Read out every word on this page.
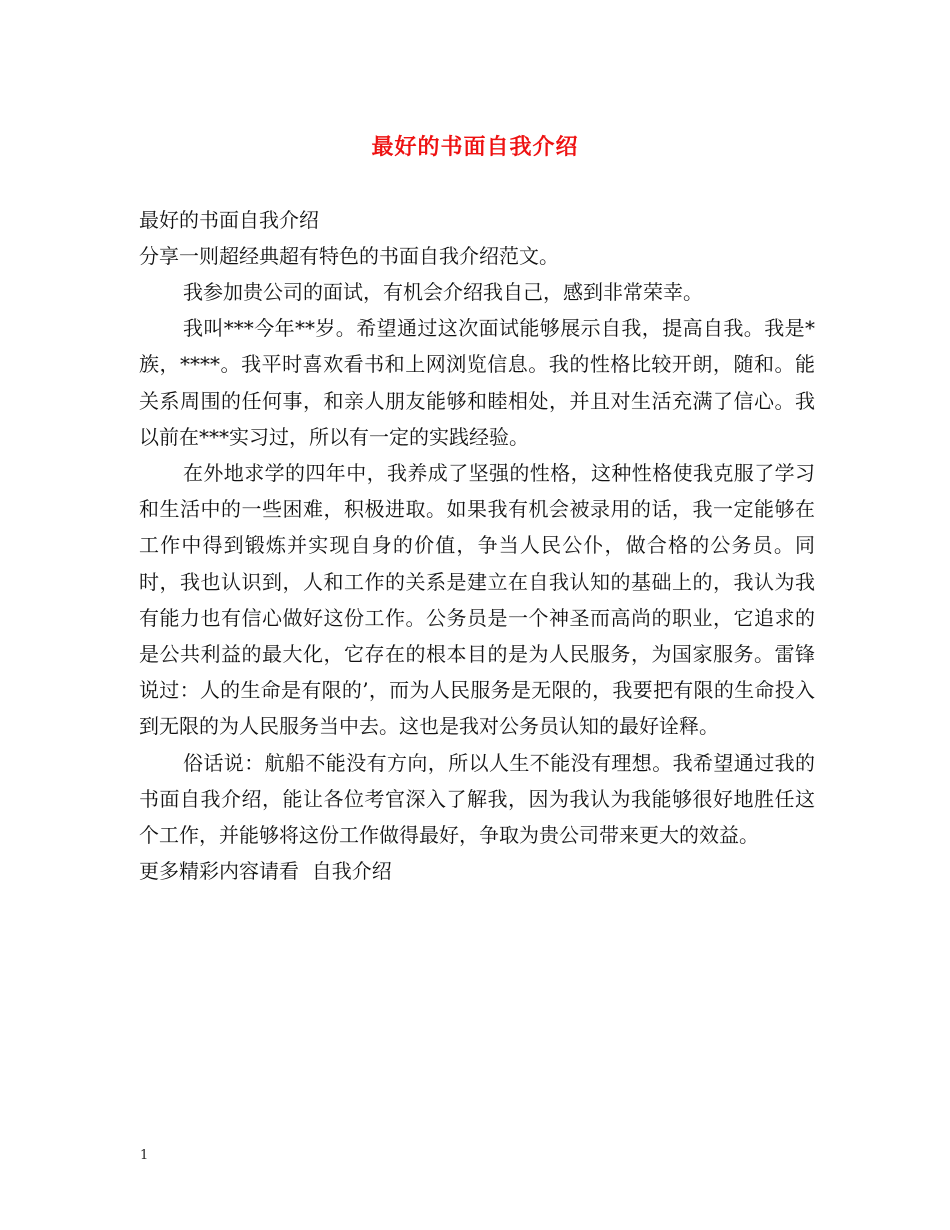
最好的书面自我介绍

最好的书面自我介绍

分享一则超经典超有特色的书面自我介绍范文。

我参加贵公司的面试，有机会介绍我自己，感到非常荣幸。

我叫***今年**岁。希望通过这次面试能够展示自我，提高自我。我是*族，****。我平时喜欢看书和上网浏览信息。我的性格比较开朗，随和。能关系周围的任何事，和亲人朋友能够和睦相处，并且对生活充满了信心。我以前在***实习过，所以有一定的实践经验。

在外地求学的四年中，我养成了坚强的性格，这种性格使我克服了学习和生活中的一些困难，积极进取。如果我有机会被录用的话，我一定能够在工作中得到锻炼并实现自身的价值，争当人民公仆，做合格的公务员。同时，我也认识到，人和工作的关系是建立在自我认知的基础上的，我认为我有能力也有信心做好这份工作。公务员是一个神圣而高尚的职业，它追求的是公共利益的最大化，它存在的根本目的是为人民服务，为国家服务。雷锋说过：人的生命是有限的’，而为人民服务是无限的，我要把有限的生命投入到无限的为人民服务当中去。这也是我对公务员认知的最好诠释。

俗话说：航船不能没有方向，所以人生不能没有理想。我希望通过我的书面自我介绍，能让各位考官深入了解我，因为我认为我能够很好地胜任这个工作，并能够将这份工作做得最好，争取为贵公司带来更大的效益。

更多精彩内容请看  自我介绍

1
